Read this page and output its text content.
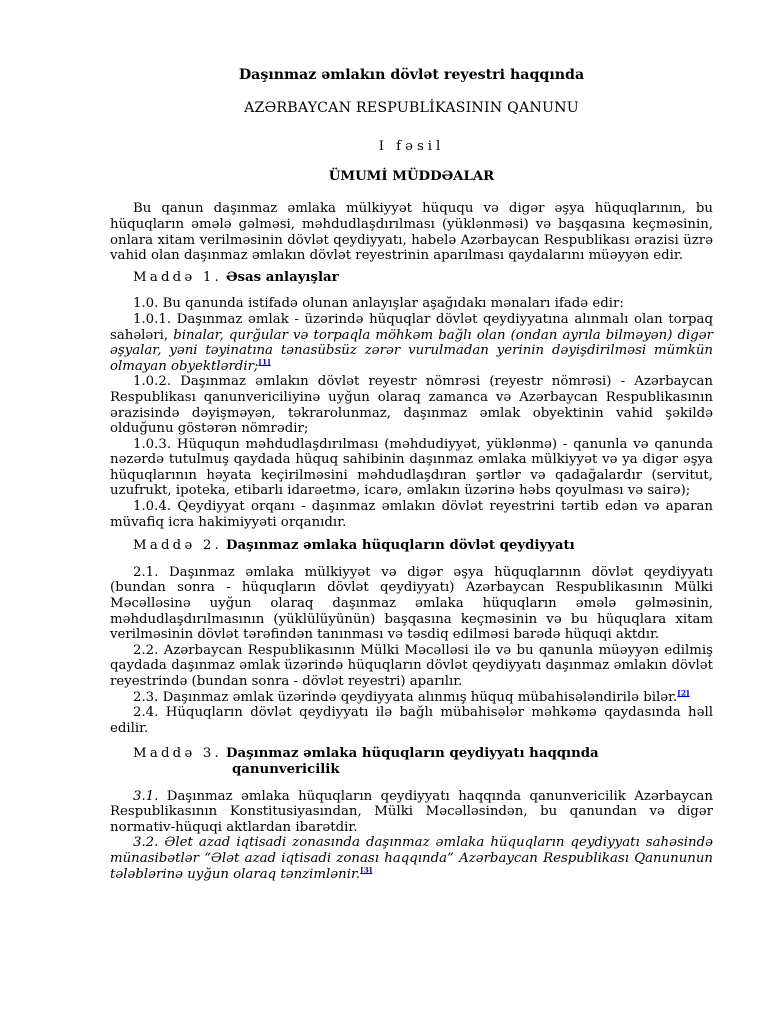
Daşınmaz əmlakın dövlət reyestri haqqında
AZƏRBAYCAN RESPUBLİKASININ QANUNU
I fəsil
ÜMUMİ MÜDDƏALAR

Bu qanun daşınmaz əmlaka mülkiyyət hüququ və digər əşya hüquqlarının, bu hüquqların əmələ gəlməsi, məhdudlaşdırılması (yüklənməsi) və başqasına keçməsinin, onlara xitam verilməsinin dövlət qeydiyyatı, habelə Azərbaycan Respublikası ərazisi üzrə vahid olan daşınmaz əmlakın dövlət reyestrinin aparılması qaydalarını müəyyən edir.

Maddə 1. Əsas anlayışlar

1.0. Bu qanunda istifadə olunan anlayışlar aşağıdakı mənaları ifadə edir:

1.0.1. Daşınmaz əmlak - üzərində hüquqlar dövlət qeydiyyatına alınmalı olan torpaq sahələri, binalar, qurğular və torpaqla möhkəm bağlı olan (ondan ayrıla bilməyən) digər əşyalar, yəni təyinatına tənasübsüz zərər vurulmadan yerinin dəyişdirilməsi mümkün olmayan obyektlərdir;[1]

1.0.2. Daşınmaz əmlakın dövlət reyestr nömrəsi (reyestr nömrəsi) - Azərbaycan Respublikası qanunvericiliyinə uyğun olaraq zamanca və Azərbaycan Respublikasının ərazisində dəyişməyən, təkrarolunmaz, daşınmaz əmlak obyektinin vahid şəkildə olduğunu göstərən nömrədir;

1.0.3. Hüququn məhdudlaşdırılması (məhdudiyyət, yüklənmə) - qanunla və qanunda nəzərdə tutulmuş qaydada hüquq sahibinin daşınmaz əmlaka mülkiyyət və ya digər əşya hüquqlarının həyata keçirilməsini məhdudlaşdıran şərtlər və qadağalardır (servitut, uzufrukt, ipoteka, etibarlı idarəetmə, icarə, əmlakın üzərinə həbs qoyulması və sairə);

1.0.4. Qeydiyyat orqanı - daşınmaz əmlakın dövlət reyestrini tərtib edən və aparan müvafiq icra hakimiyyəti orqanıdır.

Maddə 2. Daşınmaz əmlaka hüquqların dövlət qeydiyyatı

2.1. Daşınmaz əmlaka mülkiyyət və digər əşya hüquqlarının dövlət qeydiyyatı (bundan sonra - hüquqların dövlət qeydiyyatı) Azərbaycan Respublikasının Mülki Məcəlləsinə uyğun olaraq daşınmaz əmlaka hüquqların əmələ gəlməsinin, məhdudlaşdırılmasının (yüklülüyünün) başqasına keçməsinin və bu hüquqlara xitam verilməsinin dövlət tərəfindən tanınması və təsdiq edilməsi barədə hüquqi aktdır.

2.2. Azərbaycan Respublikasının Mülki Məcəlləsi ilə və bu qanunla müəyyən edilmiş qaydada daşınmaz əmlak üzərində hüquqların dövlət qeydiyyatı daşınmaz əmlakın dövlət reyestrində (bundan sonra - dövlət reyestri) aparılır.

2.3. Daşınmaz əmlak üzərində qeydiyyata alınmış hüquq mübahisələndirilə bilər.[2]

2.4. Hüquqların dövlət qeydiyyatı ilə bağlı mübahisələr məhkəmə qaydasında həll edilir.

Maddə 3. Daşınmaz əmlaka hüquqların qeydiyyatı haqqında
qanunvericilik

3.1. Daşınmaz əmlaka hüquqların qeydiyyatı haqqında qanunvericilik Azərbaycan Respublikasının Konstitusiyasından, Mülki Məcəlləsindən, bu qanundan və digər normativ-hüquqi aktlardan ibarətdir.

3.2. Əlet azad iqtisadi zonasında daşınmaz əmlaka hüquqların qeydiyyatı sahəsində münasibətlər “Ələt azad iqtisadi zonası haqqında” Azərbaycan Respublikası Qanununun tələblərinə uyğun olaraq tənzimlənir.[3]
